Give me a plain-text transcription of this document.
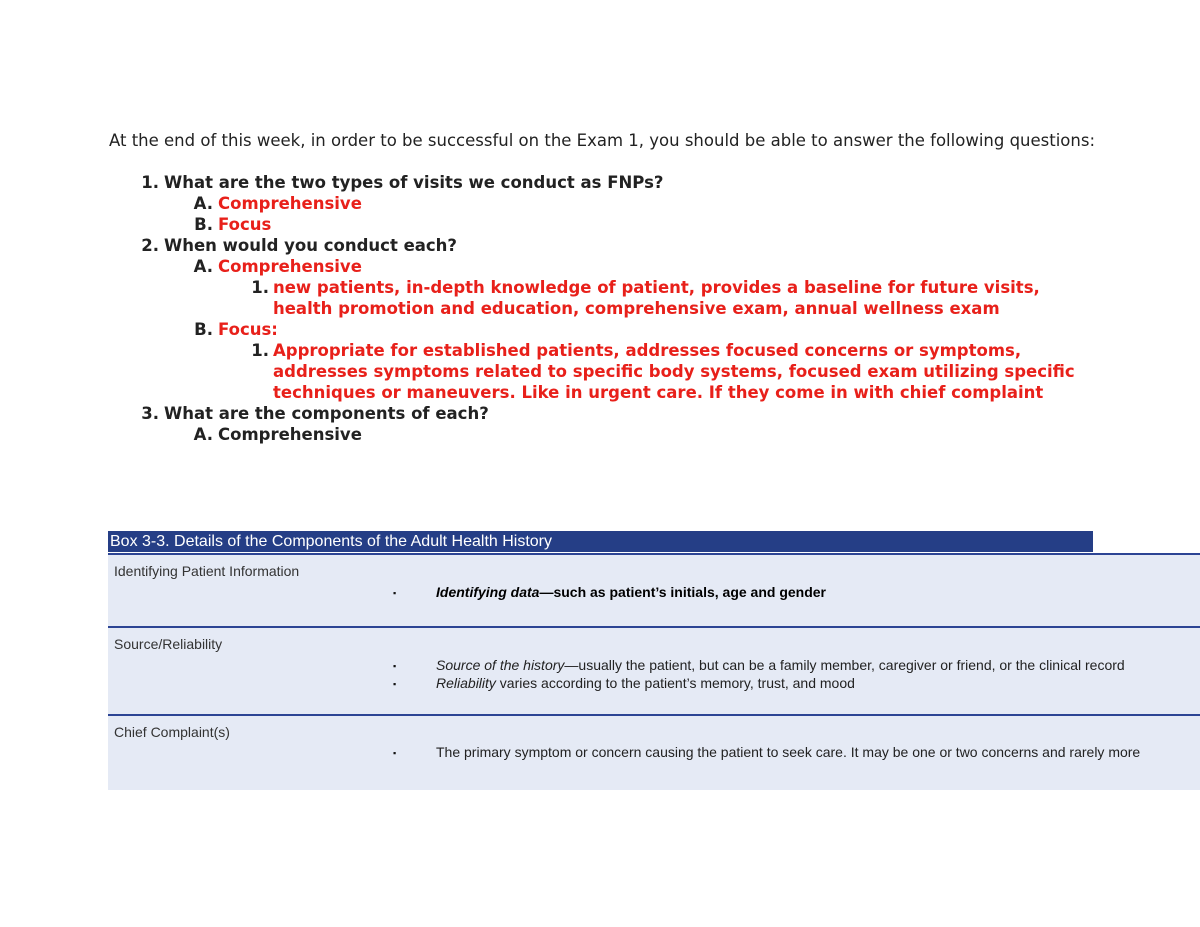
At the end of this week, in order to be successful on the Exam 1, you should be able to answer the following questions:

1. What are the two types of visits we conduct as FNPs?
A. Comprehensive
B. Focus
2. When would you conduct each?
A. Comprehensive
1. new patients, in-depth knowledge of patient, provides a baseline for future visits, health promotion and education, comprehensive exam, annual wellness exam
B. Focus:
1. Appropriate for established patients, addresses focused concerns or symptoms, addresses symptoms related to specific body systems, focused exam utilizing specific techniques or maneuvers. Like in urgent care. If they come in with chief complaint
3. What are the components of each?
A. Comprehensive
Box 3-3. Details of the Components of the Adult Health History
Identifying Patient Information
▪	Identifying data—such as patient’s initials, age and gender
Source/Reliability
▪	Source of the history—usually the patient, but can be a family member, caregiver or friend, or the clinical record
▪	Reliability varies according to the patient’s memory, trust, and mood
Chief Complaint(s)
▪	The primary symptom or concern causing the patient to seek care. It may be one or two concerns and rarely more
